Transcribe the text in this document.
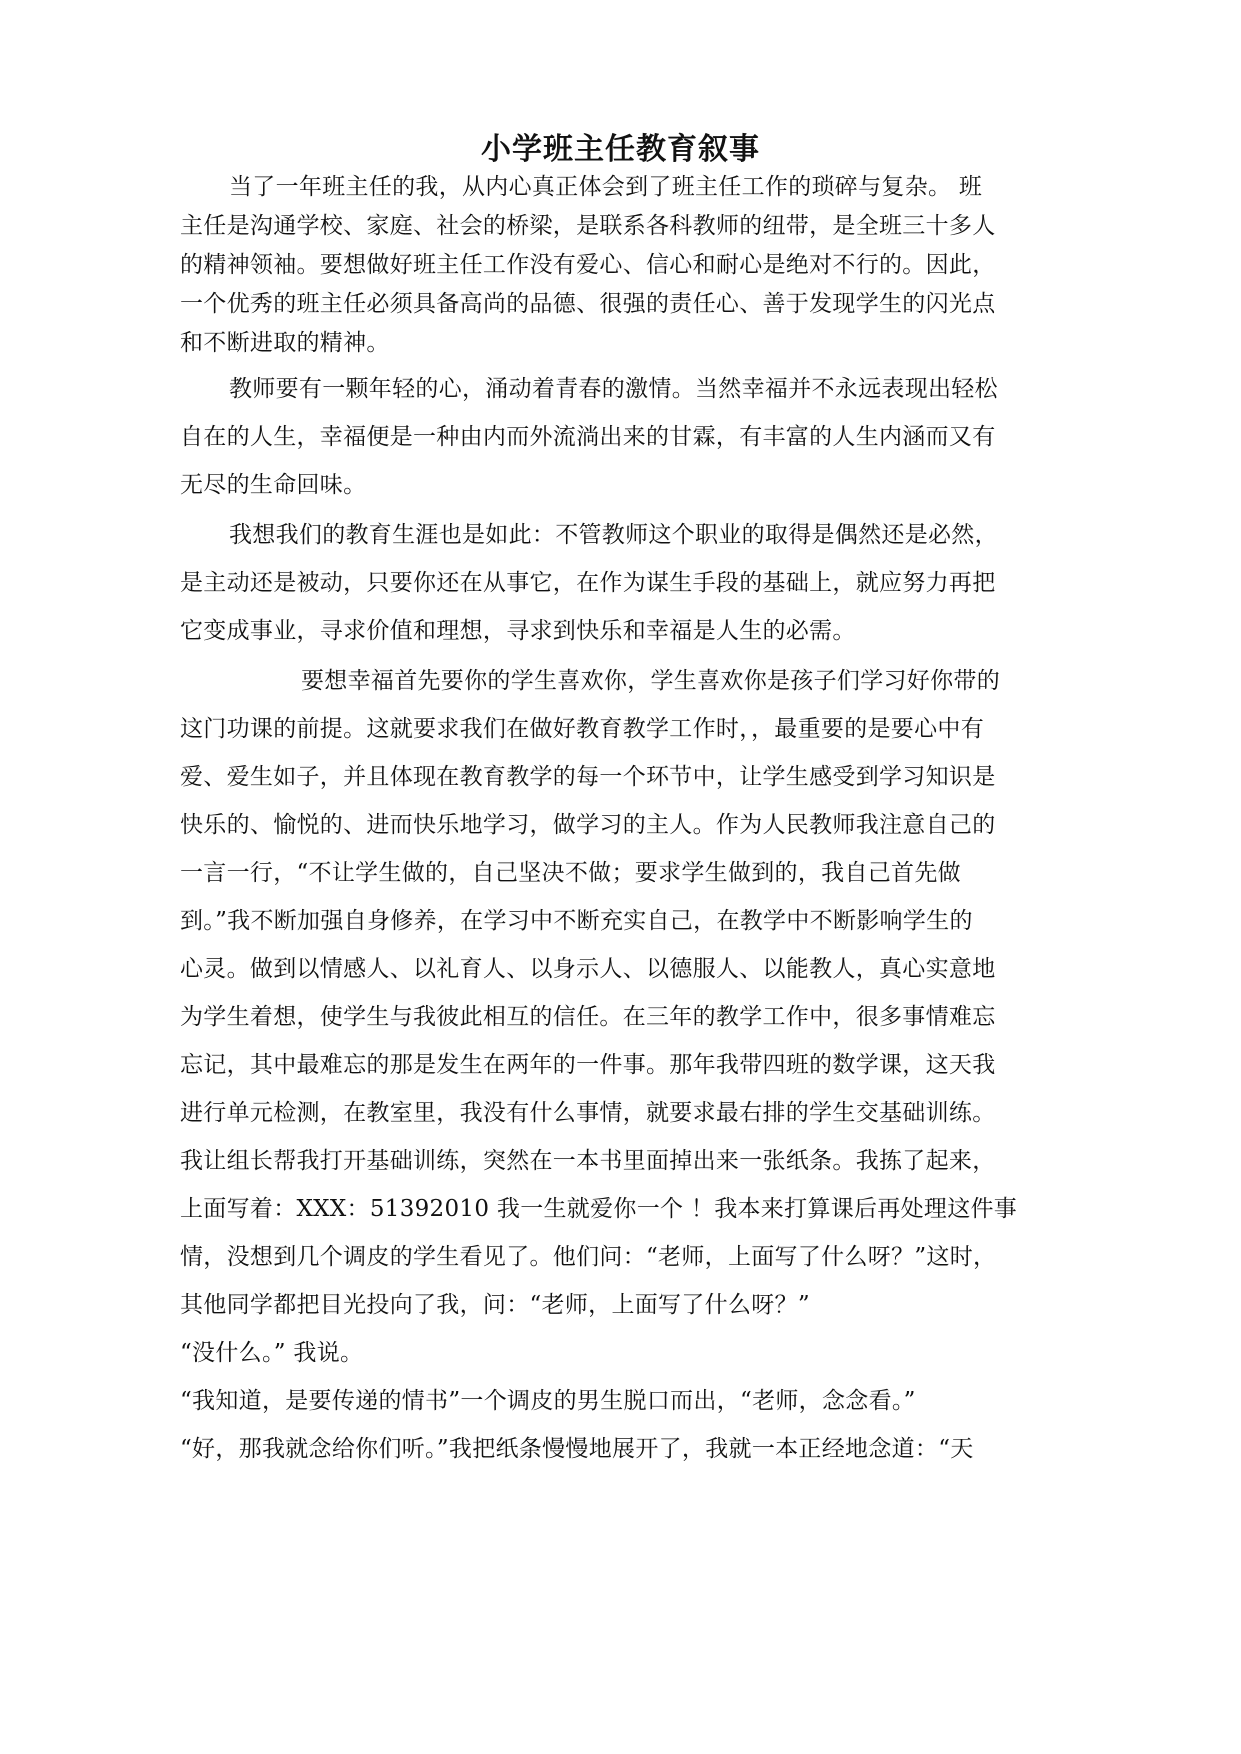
小学班主任教育叙事
当了一年班主任的我，从内心真正体会到了班主任工作的琐碎与复杂。 班
主任是沟通学校、家庭、社会的桥梁，是联系各科教师的纽带，是全班三十多人
的精神领袖。要想做好班主任工作没有爱心、信心和耐心是绝对不行的。因此，
一个优秀的班主任必须具备高尚的品德、很强的责任心、善于发现学生的闪光点
和不断进取的精神。
教师要有一颗年轻的心，涌动着青春的激情。当然幸福并不永远表现出轻松
自在的人生，幸福便是一种由内而外流淌出来的甘霖，有丰富的人生内涵而又有
无尽的生命回味。
我想我们的教育生涯也是如此：不管教师这个职业的取得是偶然还是必然，
是主动还是被动，只要你还在从事它，在作为谋生手段的基础上，就应努力再把
它变成事业，寻求价值和理想，寻求到快乐和幸福是人生的必需。
要想幸福首先要你的学生喜欢你，学生喜欢你是孩子们学习好你带的
这门功课的前提。这就要求我们在做好教育教学工作时，，最重要的是要心中有
爱、爱生如子，并且体现在教育教学的每一个环节中，让学生感受到学习知识是
快乐的、愉悦的、进而快乐地学习，做学习的主人。作为人民教师我注意自己的
一言一行，“不让学生做的，自己坚决不做；要求学生做到的，我自己首先做
到。”我不断加强自身修养，在学习中不断充实自己，在教学中不断影响学生的
心灵。做到以情感人、以礼育人、以身示人、以德服人、以能教人，真心实意地
为学生着想，使学生与我彼此相互的信任。在三年的教学工作中，很多事情难忘
忘记，其中最难忘的那是发生在两年的一件事。那年我带四班的数学课，这天我
进行单元检测，在教室里，我没有什么事情，就要求最右排的学生交基础训练。
我让组长帮我打开基础训练，突然在一本书里面掉出来一张纸条。我拣了起来，
上面写着：XXX：51392010 我一生就爱你一个 ！我本来打算课后再处理这件事
情，没想到几个调皮的学生看见了。他们问：“老师，上面写了什么呀？”这时，
其他同学都把目光投向了我，问：“老师，上面写了什么呀？”
“没什么。” 我说。
“我知道，是要传递的情书”一个调皮的男生脱口而出，“老师，念念看。”
“好，那我就念给你们听。”我把纸条慢慢地展开了，我就一本正经地念道：“天
